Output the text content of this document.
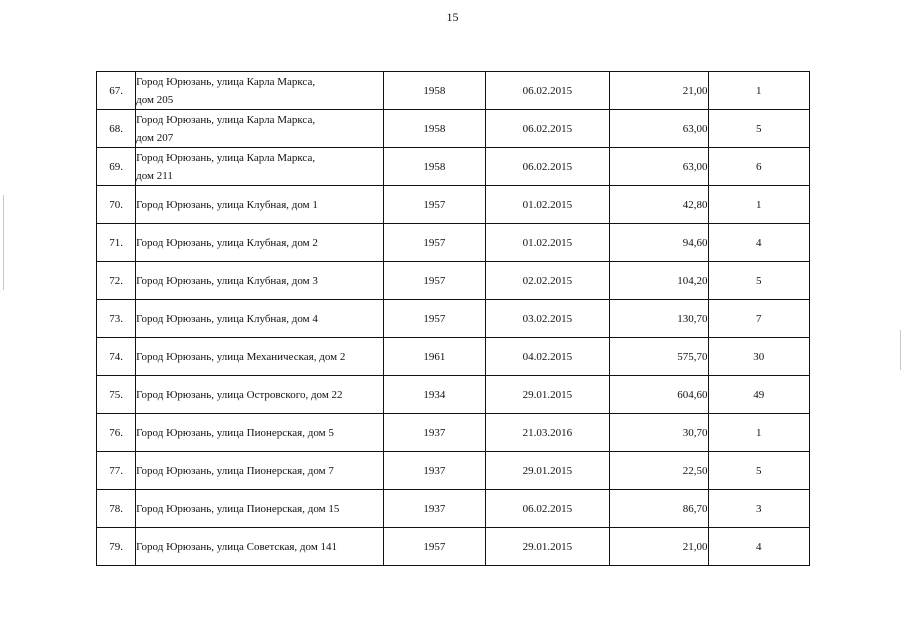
15
67.	Город Юрюзань, улица Карла Маркса,
дом 205	1958	06.02.2015	21,00	1
68.	Город Юрюзань, улица Карла Маркса,
дом 207	1958	06.02.2015	63,00	5
69.	Город Юрюзань, улица Карла Маркса,
дом 211	1958	06.02.2015	63,00	6
70.	Город Юрюзань, улица Клубная, дом 1	1957	01.02.2015	42,80	1
71.	Город Юрюзань, улица Клубная, дом 2	1957	01.02.2015	94,60	4
72.	Город Юрюзань, улица Клубная, дом 3	1957	02.02.2015	104,20	5
73.	Город Юрюзань, улица Клубная, дом 4	1957	03.02.2015	130,70	7
74.	Город Юрюзань, улица Механическая, дом 2	1961	04.02.2015	575,70	30
75.	Город Юрюзань, улица Островского, дом 22	1934	29.01.2015	604,60	49
76.	Город Юрюзань, улица Пионерская, дом 5	1937	21.03.2016	30,70	1
77.	Город Юрюзань, улица Пионерская, дом 7	1937	29.01.2015	22,50	5
78.	Город Юрюзань, улица Пионерская, дом 15	1937	06.02.2015	86,70	3
79.	Город Юрюзань, улица Советская, дом 141	1957	29.01.2015	21,00	4
